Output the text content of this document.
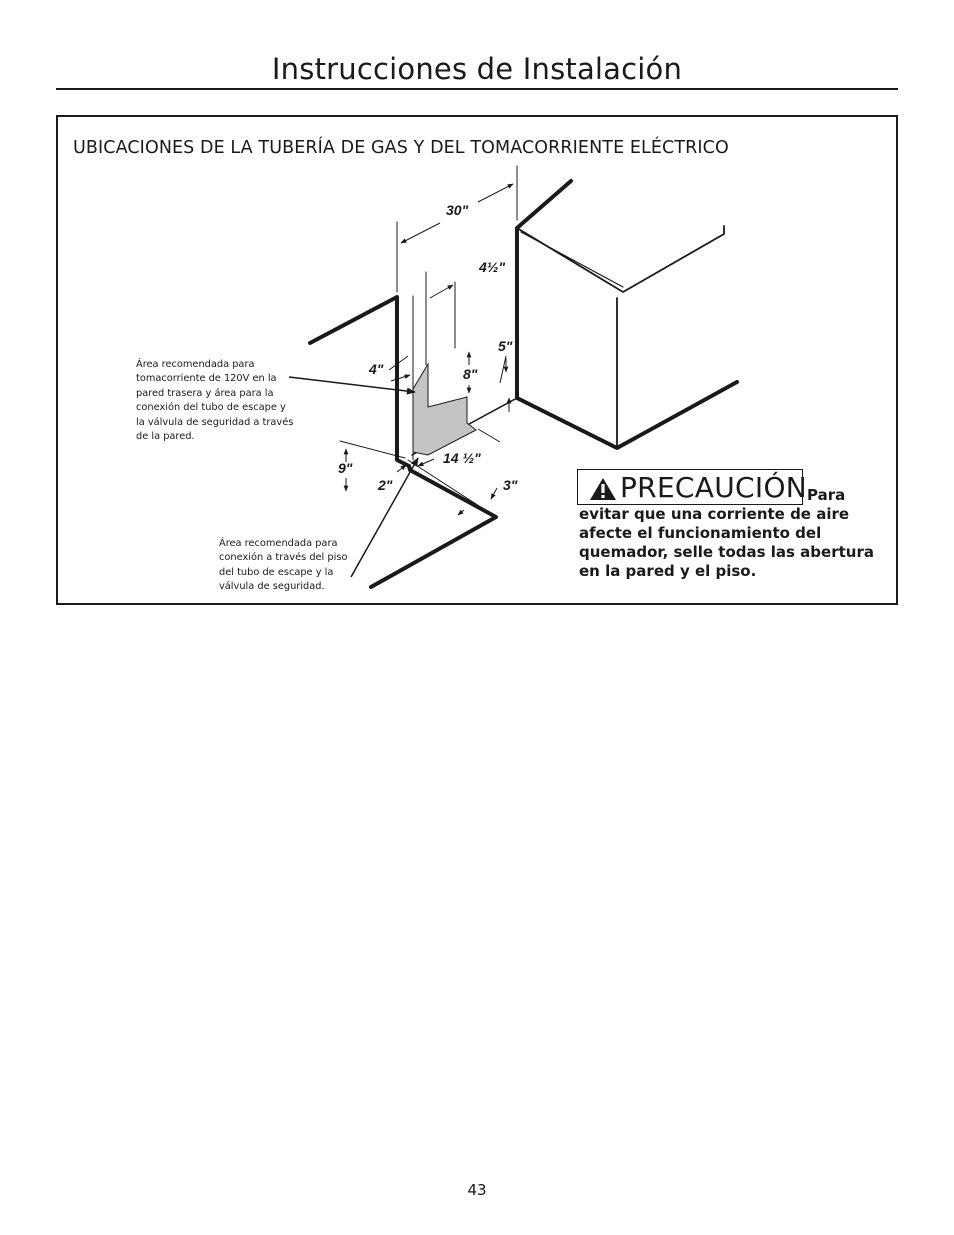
Instrucciones de Instalación
UBICACIONES DE LA TUBERÍA DE GAS Y DEL TOMACORRIENTE ELÉCTRICO
30"
4½"
5"
4"	8"
9"
14 ½"
2"	3"
Área recomendada para
tomacorriente de 120V en la
pared trasera y área para la
conexión del tubo de escape y
la válvula de seguridad a través
de la pared.
Área recomendada para
conexión a través del piso
del tubo de escape y la
válvula de seguridad.
Para evitar que una corriente de aire afecte el funcionamiento del quemador, selle todas las abertura en la pared y el piso.
PRECAUCIÓN
43
